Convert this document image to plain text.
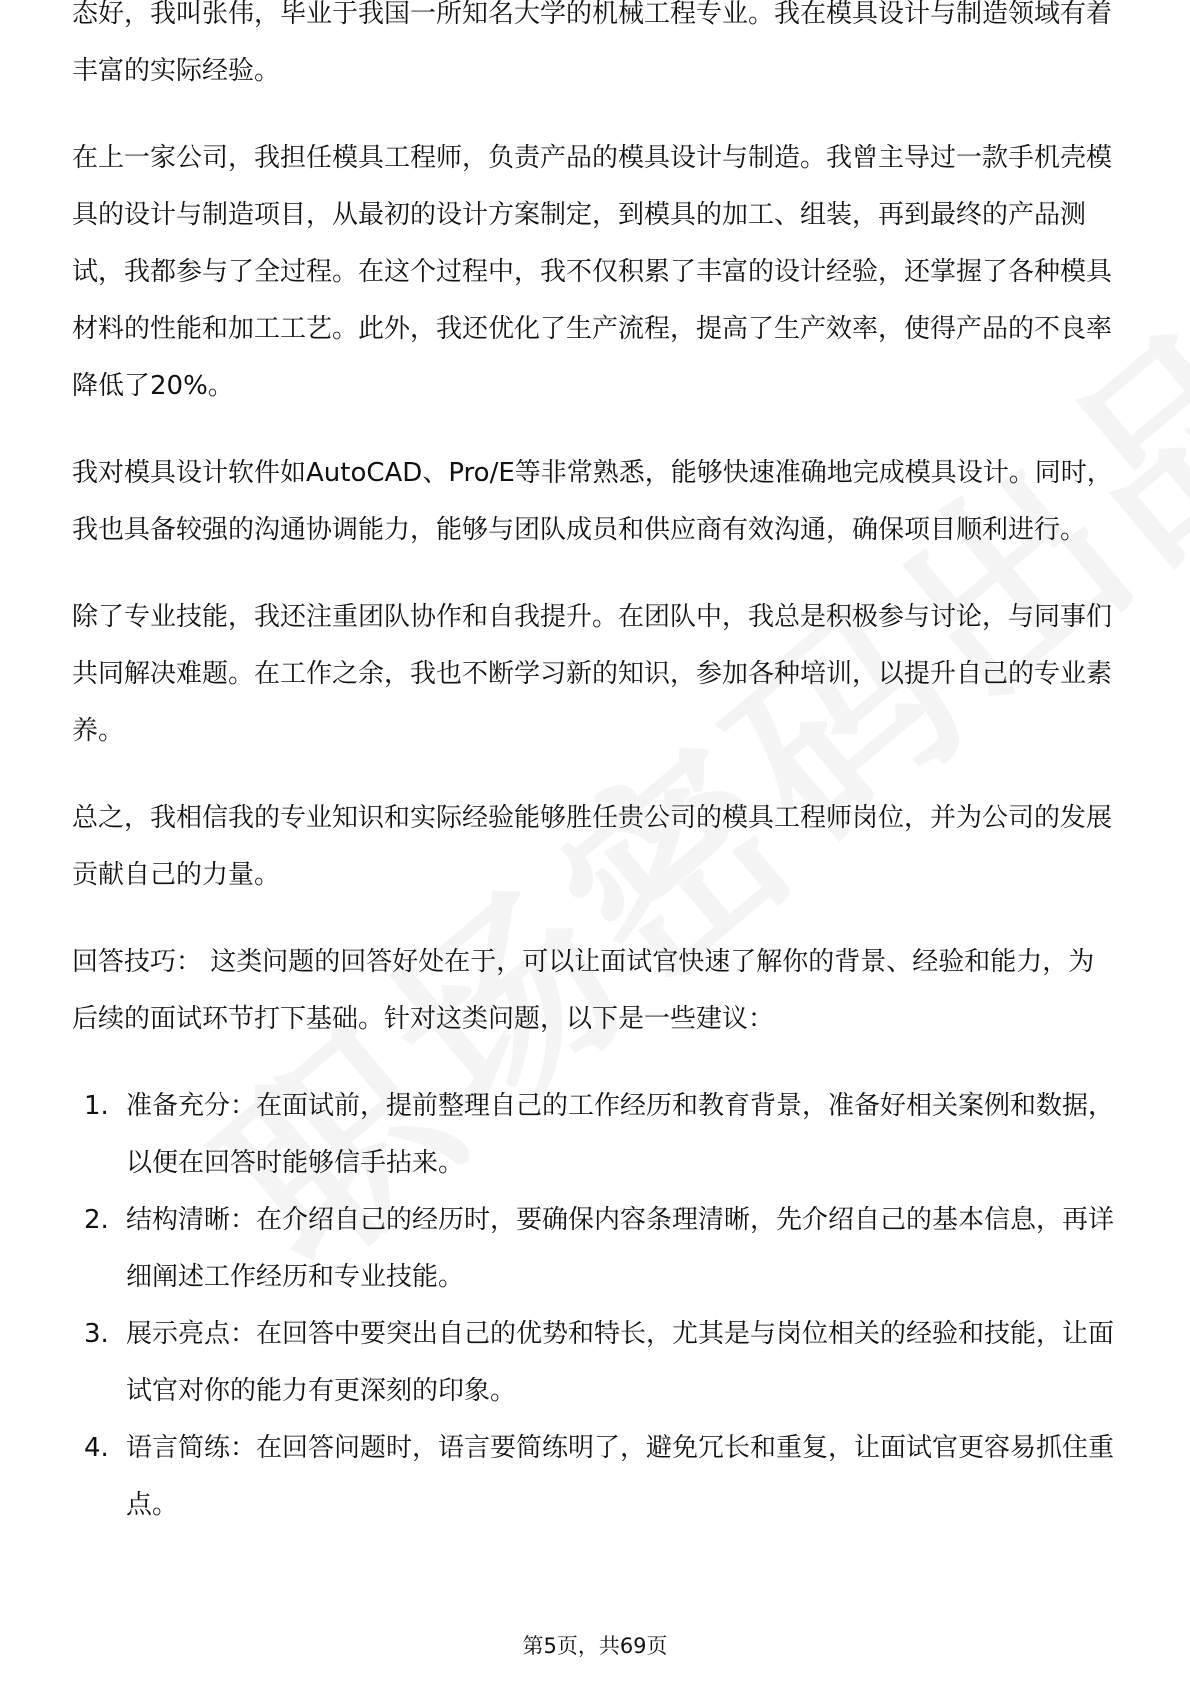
态好，我叫张伟，毕业于我国一所知名大学的机械工程专业。我在模具设计与制造领域有着丰富的实际经验。

在上一家公司，我担任模具工程师，负责产品的模具设计与制造。我曾主导过一款手机壳模具的设计与制造项目，从最初的设计方案制定，到模具的加工、组装，再到最终的产品测试，我都参与了全过程。在这个过程中，我不仅积累了丰富的设计经验，还掌握了各种模具材料的性能和加工工艺。此外，我还优化了生产流程，提高了生产效率，使得产品的不良率降低了20%。

我对模具设计软件如AutoCAD、Pro/E等非常熟悉，能够快速准确地完成模具设计。同时，我也具备较强的沟通协调能力，能够与团队成员和供应商有效沟通，确保项目顺利进行。

除了专业技能，我还注重团队协作和自我提升。在团队中，我总是积极参与讨论，与同事们共同解决难题。在工作之余，我也不断学习新的知识，参加各种培训，以提升自己的专业素养。

总之，我相信我的专业知识和实际经验能够胜任贵公司的模具工程师岗位，并为公司的发展贡献自己的力量。

回答技巧： 这类问题的回答好处在于，可以让面试官快速了解你的背景、经验和能力，为后续的面试环节打下基础。针对这类问题，以下是一些建议：

1. 准备充分：在面试前，提前整理自己的工作经历和教育背景，准备好相关案例和数据，以便在回答时能够信手拈来。
2. 结构清晰：在介绍自己的经历时，要确保内容条理清晰，先介绍自己的基本信息，再详细阐述工作经历和专业技能。
3. 展示亮点：在回答中要突出自己的优势和特长，尤其是与岗位相关的经验和技能，让面试官对你的能力有更深刻的印象。
4. 语言简练：在回答问题时，语言要简练明了，避免冗长和重复，让面试官更容易抓住重点。
第5页，共69页
